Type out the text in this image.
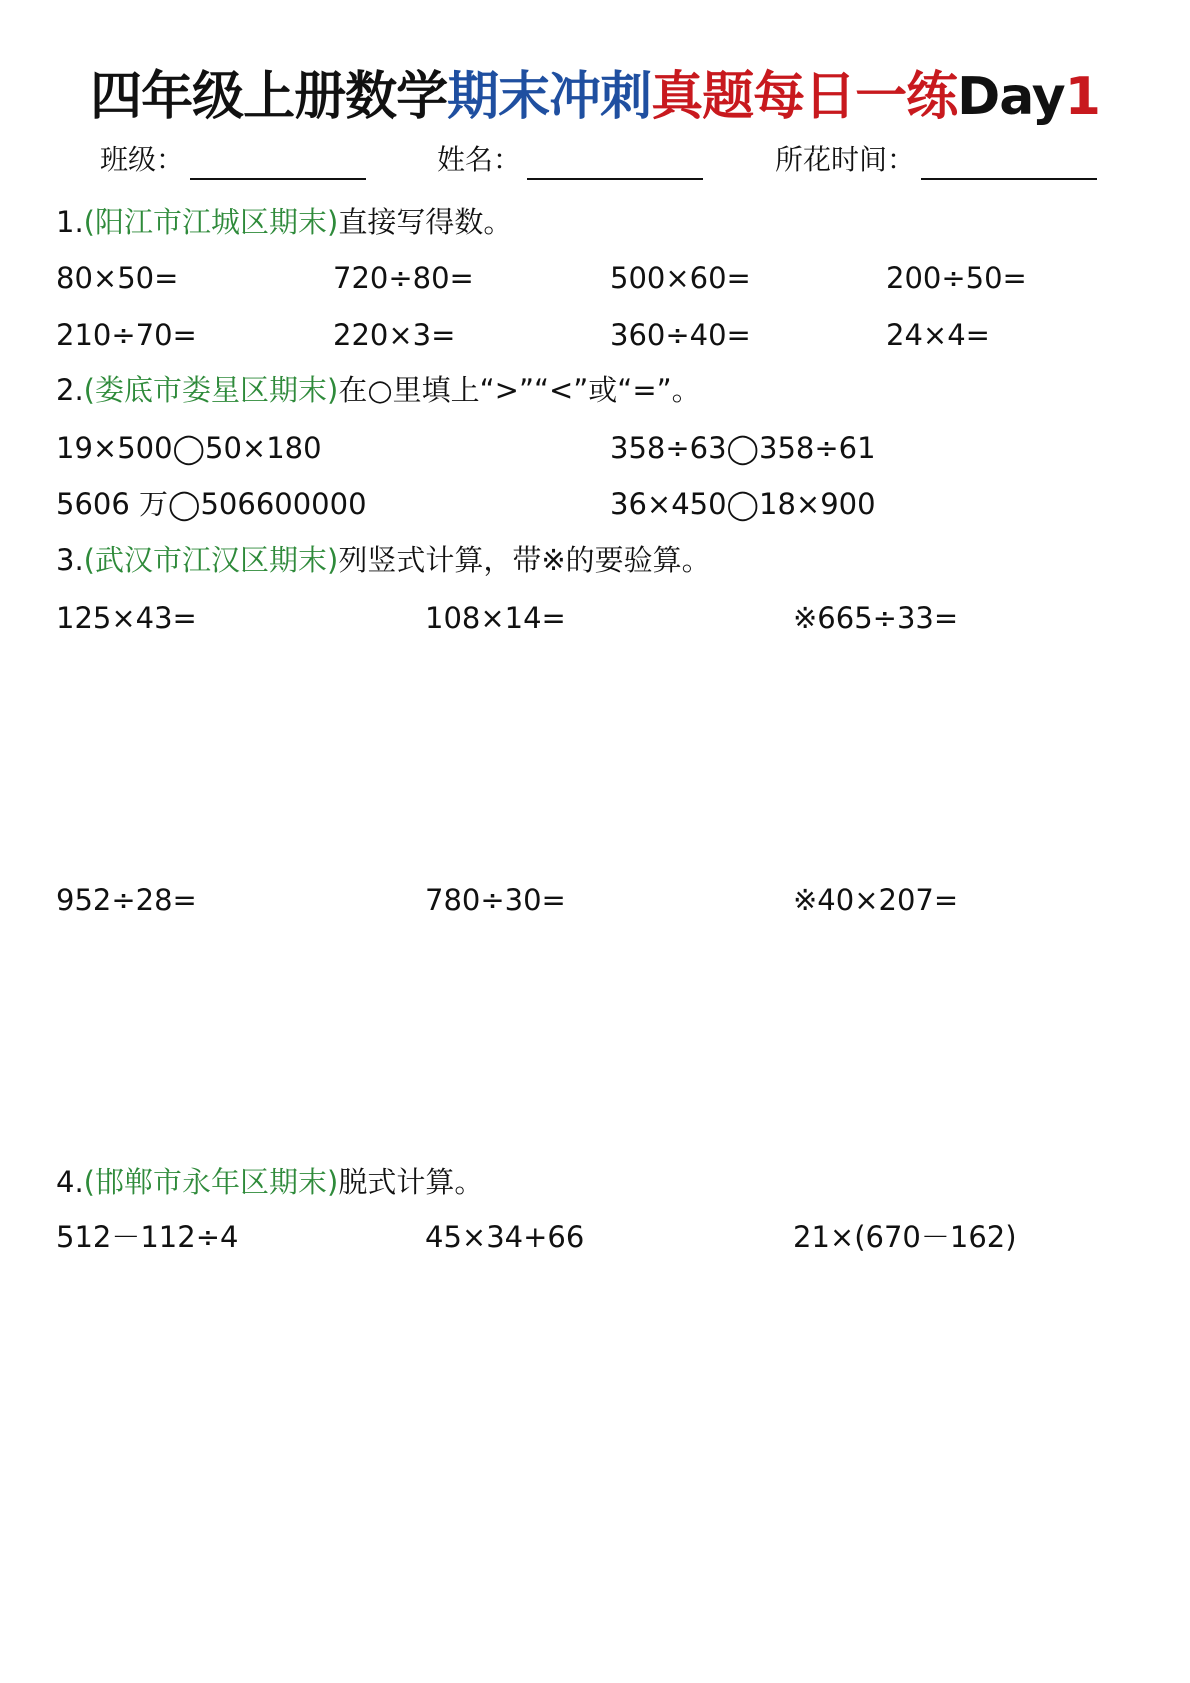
四年级上册数学期末冲刺真题每日一练Day1
班级：	姓名：	所花时间：
1.(阳江市江城区期末)直接写得数。
80×50=	720÷80=	500×60=	200÷50=
210÷70=	220×3=	360÷40=	24×4=
2.(娄底市娄星区期末)在○里填上“>”“<”或“=”。
19×500◯50×180	358÷63◯358÷61
5606 万◯506600000	36×450◯18×900
3.(武汉市江汉区期末)列竖式计算，带※的要验算。
125×43=	108×14=	※665÷33=
952÷28=	780÷30=	※40×207=
4.(邯郸市永年区期末)脱式计算。
512－112÷4	45×34+66	21×(670－162)
